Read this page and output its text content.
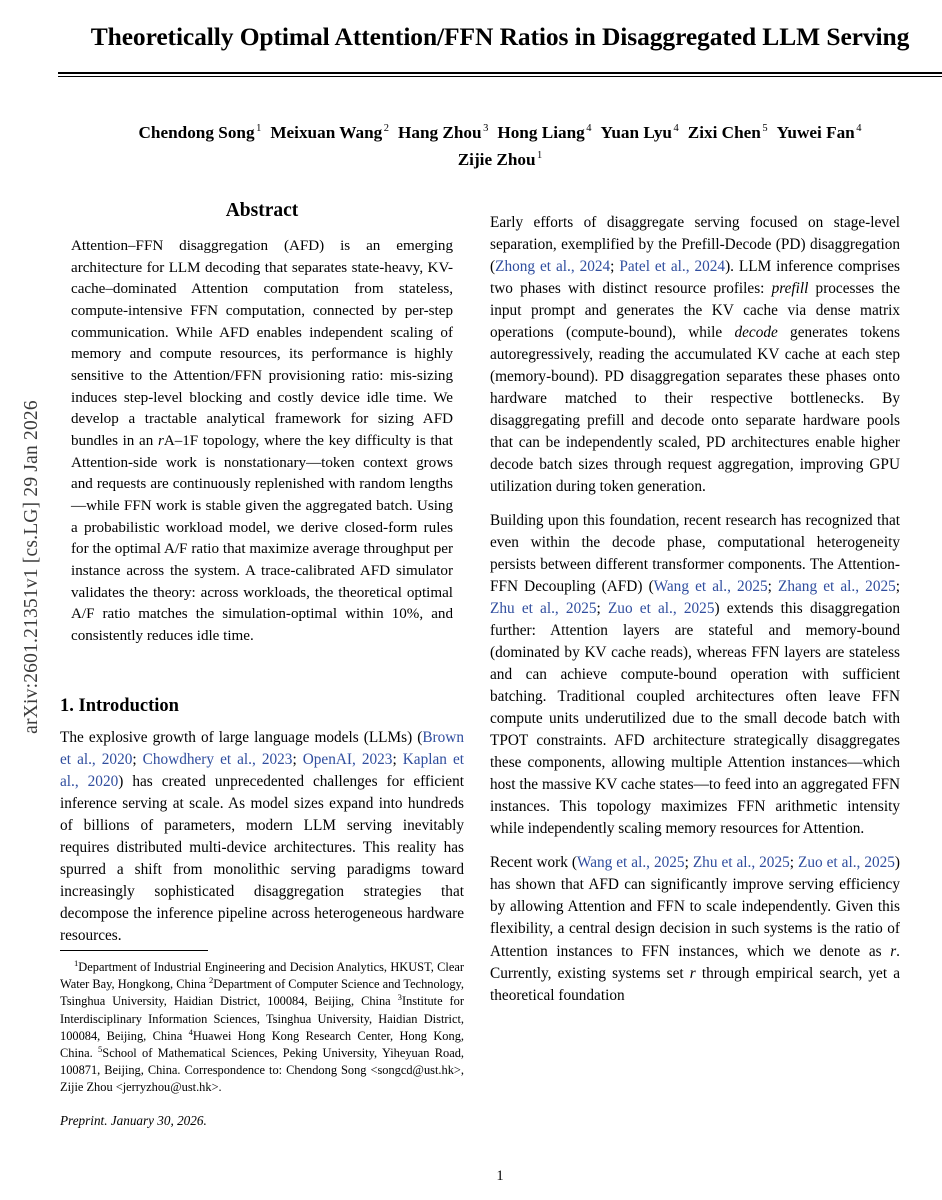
arXiv:2601.21351v1 [cs.LG] 29 Jan 2026
Theoretically Optimal Attention/FFN Ratios in Disaggregated LLM Serving
Chendong Song $^1$ Meixuan Wang $^2$ Hang Zhou $^3$ Hong Liang $^4$ Yuan Lyu $^4$ Zixi Chen $^5$ Yuwei Fan $^4$
Zijie Zhou $^1$
Abstract

Attention–FFN disaggregation (AFD) is an emerging architecture for LLM decoding that separates state-heavy, KV-cache–dominated Attention computation from stateless, compute-intensive FFN computation, connected by per-step communication. While AFD enables independent scaling of memory and compute resources, its performance is highly sensitive to the Attention/FFN provisioning ratio: mis-sizing induces step-level blocking and costly device idle time. We develop a tractable analytical framework for sizing AFD bundles in an rA–1F topology, where the key difficulty is that Attention-side work is nonstationary—token context grows and requests are continuously replenished with random lengths—while FFN work is stable given the aggregated batch. Using a probabilistic workload model, we derive closed-form rules for the optimal A/F ratio that maximize average throughput per instance across the system. A trace-calibrated AFD simulator validates the theory: across workloads, the theoretical optimal A/F ratio matches the simulation-optimal within 10%, and consistently reduces idle time.

1. Introduction

The explosive growth of large language models (LLMs) (Brown et al., 2020; Chowdhery et al., 2023; OpenAI, 2023; Kaplan et al., 2020) has created unprecedented challenges for efficient inference serving at scale. As model sizes expand into hundreds of billions of parameters, modern LLM serving inevitably requires distributed multi-device architectures. This reality has spurred a shift from monolithic serving paradigms toward increasingly sophisticated disaggregation strategies that decompose the inference pipeline across heterogeneous hardware resources.

Early efforts of disaggregate serving focused on stage-level separation, exemplified by the Prefill-Decode (PD) disaggregation (Zhong et al., 2024; Patel et al., 2024). LLM inference comprises two phases with distinct resource profiles: prefill processes the input prompt and generates the KV cache via dense matrix operations (compute-bound), while decode generates tokens autoregressively, reading the accumulated KV cache at each step (memory-bound). PD disaggregation separates these phases onto hardware matched to their respective bottlenecks. By disaggregating prefill and decode onto separate hardware pools that can be independently scaled, PD architectures enable higher decode batch sizes through request aggregation, improving GPU utilization during token generation.

Building upon this foundation, recent research has recognized that even within the decode phase, computational heterogeneity persists between different transformer components. The Attention-FFN Decoupling (AFD) (Wang et al., 2025; Zhang et al., 2025; Zhu et al., 2025; Zuo et al., 2025) extends this disaggregation further: Attention layers are stateful and memory-bound (dominated by KV cache reads), whereas FFN layers are stateless and can achieve compute-bound operation with sufficient batching. Traditional coupled architectures often leave FFN compute units underutilized due to the small decode batch with TPOT constraints. AFD architecture strategically disaggregates these components, allowing multiple Attention instances—which host the massive KV cache states—to feed into an aggregated FFN instances. This topology maximizes FFN arithmetic intensity while independently scaling memory resources for Attention.

Recent work (Wang et al., 2025; Zhu et al., 2025; Zuo et al., 2025) has shown that AFD can significantly improve serving efficiency by allowing Attention and FFN to scale independently. Given this flexibility, a central design decision in such systems is the ratio of Attention instances to FFN instances, which we denote as r. Currently, existing systems set r through empirical search, yet a theoretical foundation

$^1$Department of Industrial Engineering and Decision Analytics, HKUST, Clear Water Bay, Hongkong, China $^2$Department of Computer Science and Technology, Tsinghua University, Haidian District, 100084, Beijing, China $^3$Institute for Interdisciplinary Information Sciences, Tsinghua University, Haidian District, 100084, Beijing, China $^4$Huawei Hong Kong Research Center, Hong Kong, China. $^5$School of Mathematical Sciences, Peking University, Yiheyuan Road, 100871, Beijing, China. Correspondence to: Chendong Song <songcd@ust.hk>, Zijie Zhou <jerryzhou@ust.hk>.

Preprint. January 30, 2026.
1
